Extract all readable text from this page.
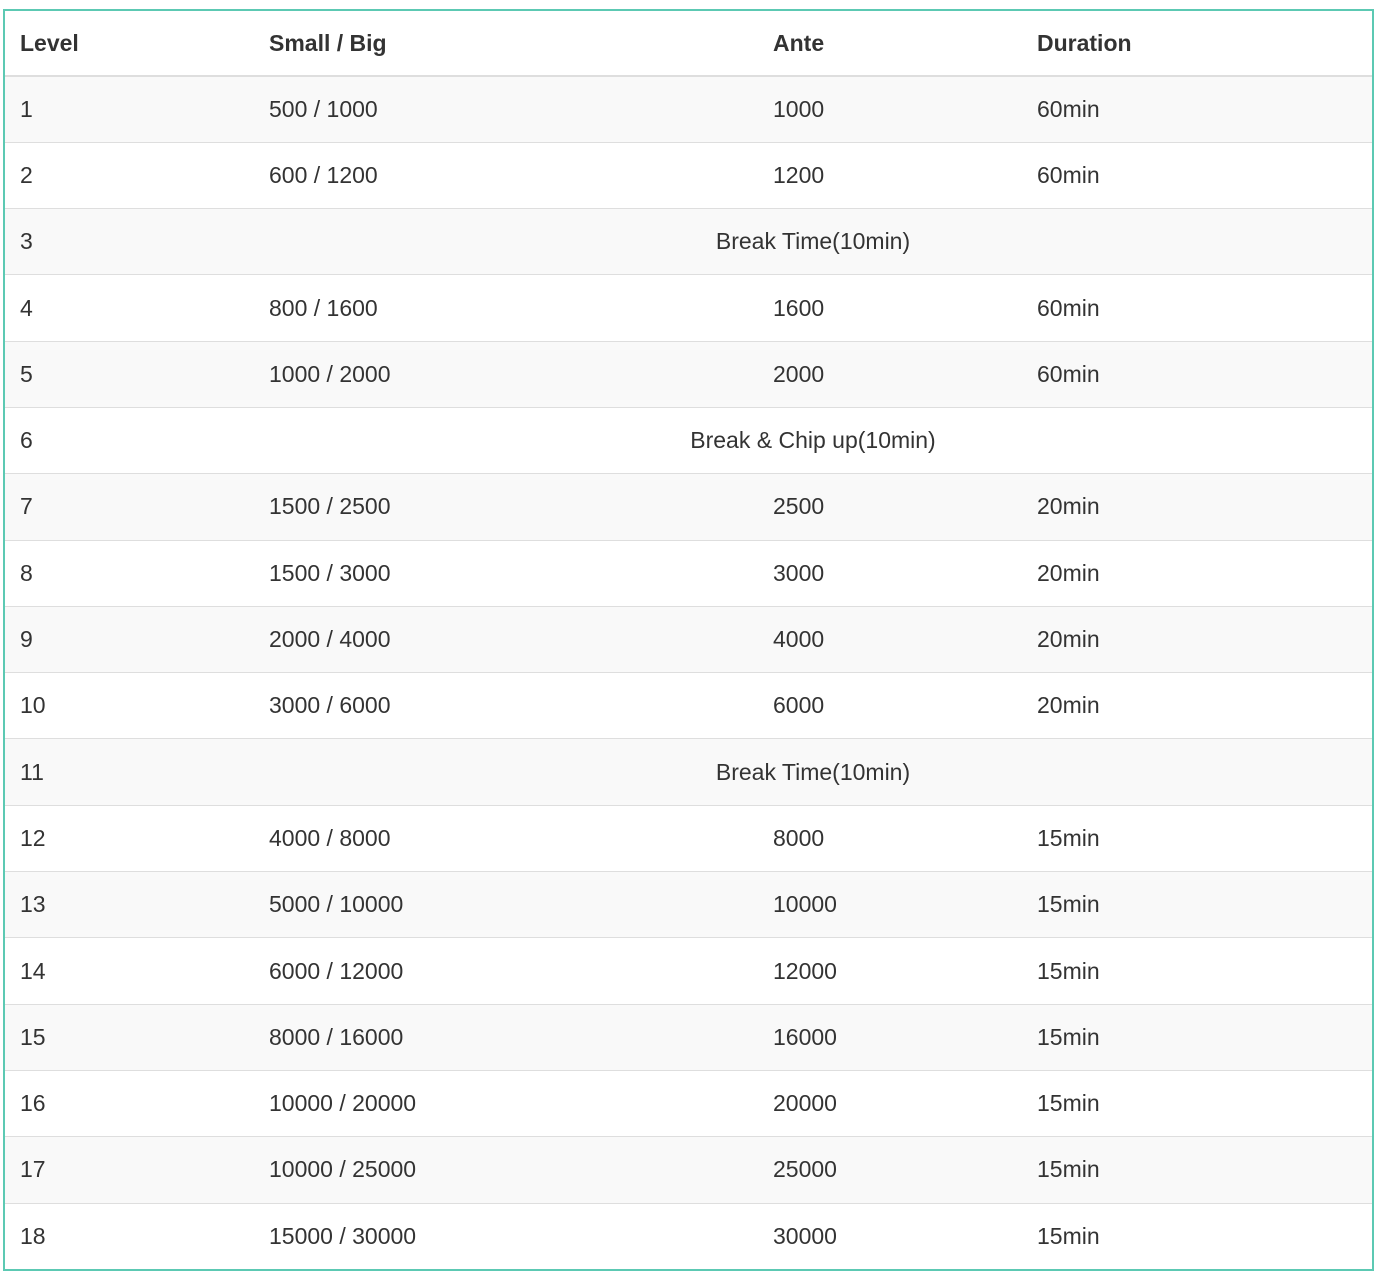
Level	Small / Big	Ante	Duration
1	500 / 1000	1000	60min
2	600 / 1200	1200	60min
3	Break Time(10min)		
4	800 / 1600	1600	60min
5	1000 / 2000	2000	60min
6	Break & Chip up(10min)		
7	1500 / 2500	2500	20min
8	1500 / 3000	3000	20min
9	2000 / 4000	4000	20min
10	3000 / 6000	6000	20min
11	Break Time(10min)		
12	4000 / 8000	8000	15min
13	5000 / 10000	10000	15min
14	6000 / 12000	12000	15min
15	8000 / 16000	16000	15min
16	10000 / 20000	20000	15min
17	10000 / 25000	25000	15min
18	15000 / 30000	30000	15min
